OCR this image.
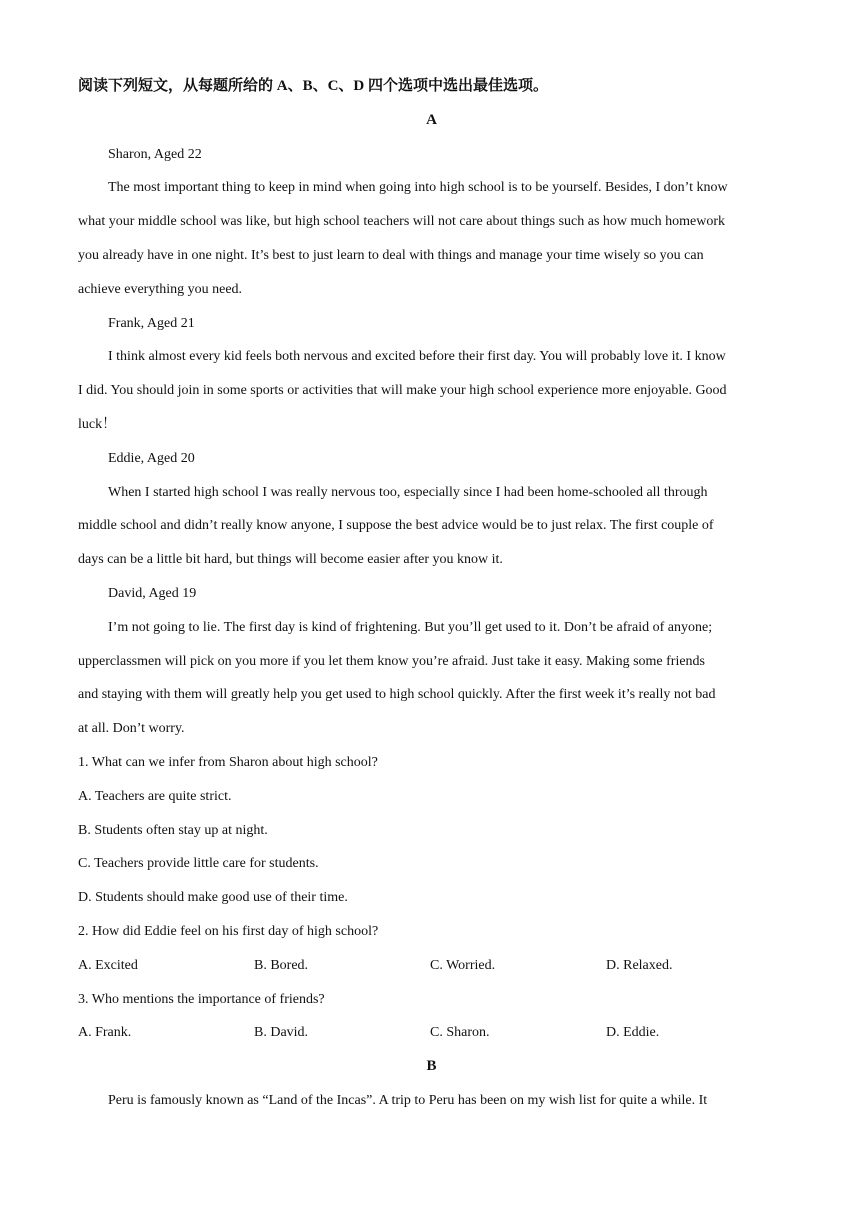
阅读下列短文，从每题所给的 A、B、C、D 四个选项中选出最佳选项。
A
Sharon, Aged 22
The most important thing to keep in mind when going into high school is to be yourself. Besides, I don’t know
what your middle school was like, but high school teachers will not care about things such as how much homework
you already have in one night. It’s best to just learn to deal with things and manage your time wisely so you can
achieve everything you need.
Frank, Aged 21
I think almost every kid feels both nervous and excited before their first day. You will probably love it. I know
I did. You should join in some sports or activities that will make your high school experience more enjoyable. Good
luck！
Eddie, Aged 20
When I started high school I was really nervous too, especially since I had been home-schooled all through
middle school and didn’t really know anyone, I suppose the best advice would be to just relax. The first couple of
days can be a little bit hard, but things will become easier after you know it.
David, Aged 19
I’m not going to lie. The first day is kind of frightening. But you’ll get used to it. Don’t be afraid of anyone;
upperclassmen will pick on you more if you let them know you’re afraid. Just take it easy. Making some friends
and staying with them will greatly help you get used to high school quickly. After the first week it’s really not bad
at all. Don’t worry.
1. What can we infer from Sharon about high school?
A. Teachers are quite strict.
B. Students often stay up at night.
C. Teachers provide little care for students.
D. Students should make good use of their time.
2. How did Eddie feel on his first day of high school?
A. Excited	B. Bored.	C. Worried.	D. Relaxed.
3. Who mentions the importance of friends?
A. Frank.	B. David.	C. Sharon.	D. Eddie.
B
Peru is famously known as “Land of the Incas”. A trip to Peru has been on my wish list for quite a while. It
